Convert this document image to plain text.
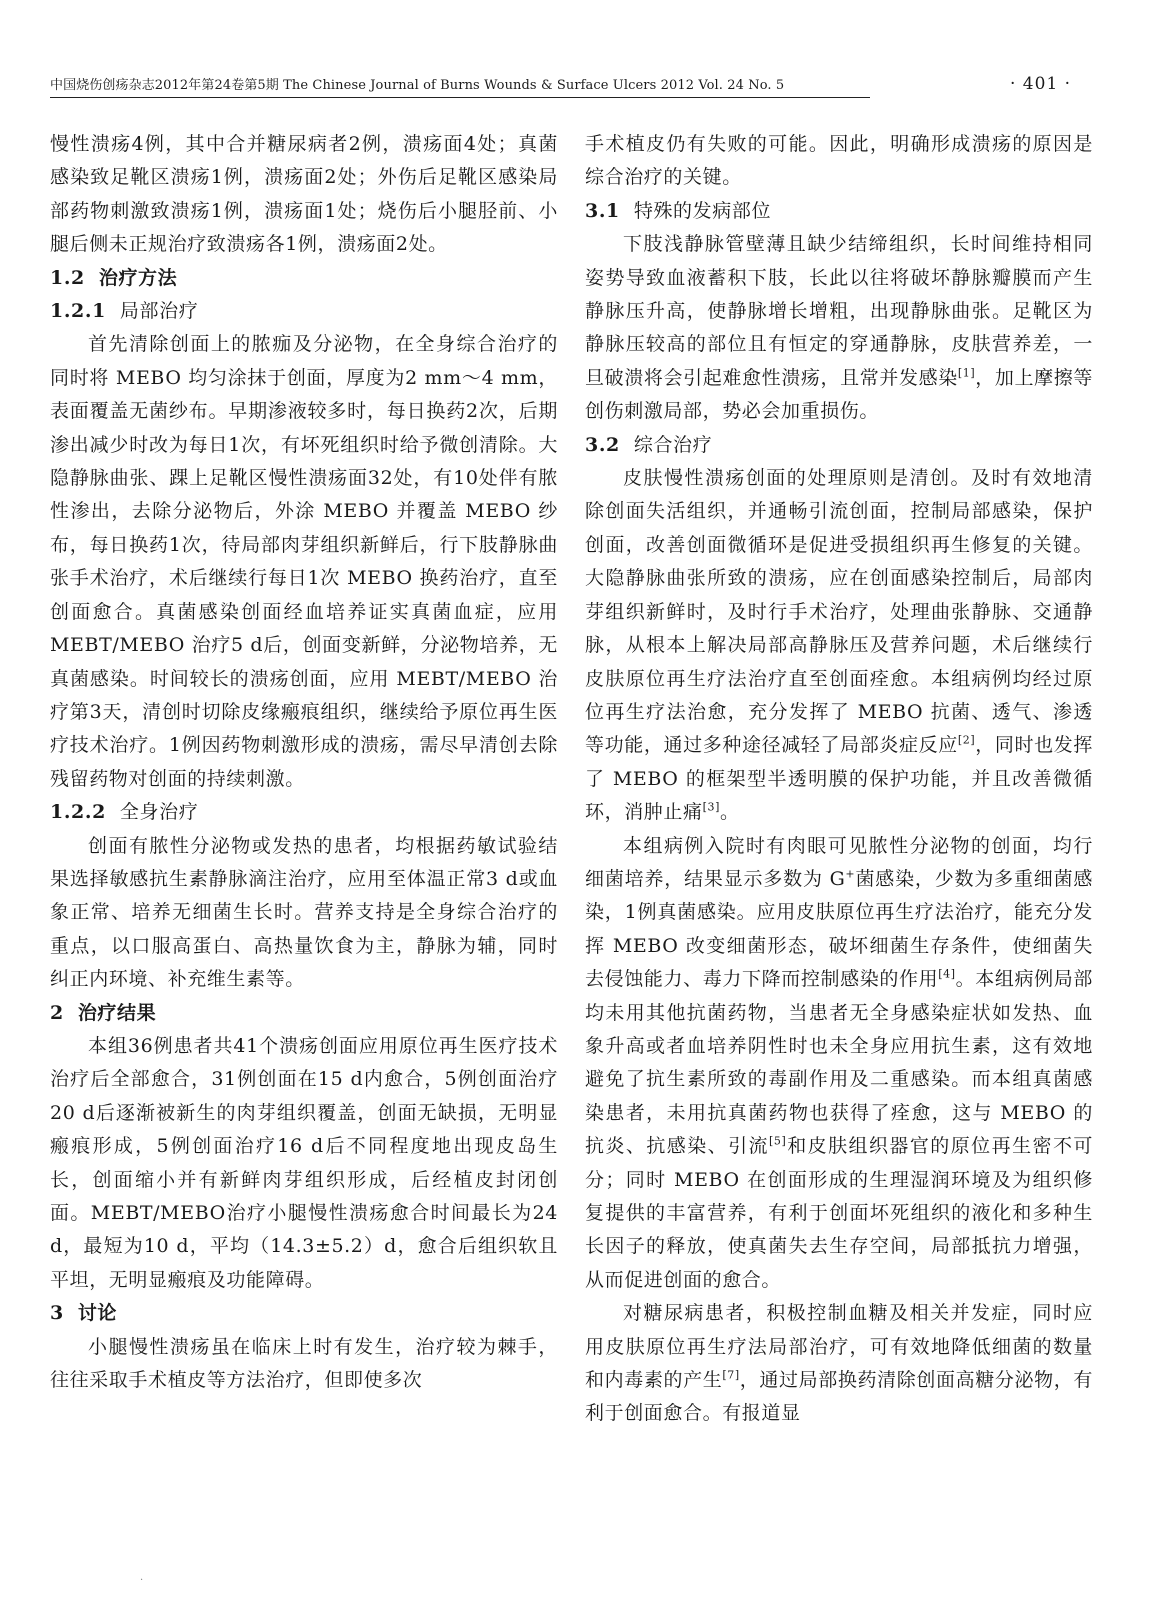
中国烧伤创疡杂志2012年第24卷第5期 The Chinese Journal of Burns Wounds & Surface Ulcers 2012 Vol. 24 No. 5	· 401 ·

慢性溃疡4例，其中合并糖尿病者2例，溃疡面4处；真菌感染致足靴区溃疡1例，溃疡面2处；外伤后足靴区感染局部药物刺激致溃疡1例，溃疡面1处；烧伤后小腿胫前、小腿后侧未正规治疗致溃疡各1例，溃疡面2处。

1.2 治疗方法

1.2.1 局部治疗

首先清除创面上的脓痂及分泌物，在全身综合治疗的同时将 MEBO 均匀涂抹于创面，厚度为2 mm～4 mm，表面覆盖无菌纱布。早期渗液较多时，每日换药2次，后期渗出减少时改为每日1次，有坏死组织时给予微创清除。大隐静脉曲张、踝上足靴区慢性溃疡面32处，有10处伴有脓性渗出，去除分泌物后，外涂 MEBO 并覆盖 MEBO 纱布，每日换药1次，待局部肉芽组织新鲜后，行下肢静脉曲张手术治疗，术后继续行每日1次 MEBO 换药治疗，直至创面愈合。真菌感染创面经血培养证实真菌血症，应用 MEBT/MEBO 治疗5 d后，创面变新鲜，分泌物培养，无真菌感染。时间较长的溃疡创面，应用 MEBT/MEBO 治疗第3天，清创时切除皮缘瘢痕组织，继续给予原位再生医疗技术治疗。1例因药物刺激形成的溃疡，需尽早清创去除残留药物对创面的持续刺激。

1.2.2 全身治疗

创面有脓性分泌物或发热的患者，均根据药敏试验结果选择敏感抗生素静脉滴注治疗，应用至体温正常3 d或血象正常、培养无细菌生长时。营养支持是全身综合治疗的重点，以口服高蛋白、高热量饮食为主，静脉为辅，同时纠正内环境、补充维生素等。

2 治疗结果

本组36例患者共41个溃疡创面应用原位再生医疗技术治疗后全部愈合，31例创面在15 d内愈合，5例创面治疗20 d后逐渐被新生的肉芽组织覆盖，创面无缺损，无明显瘢痕形成，5例创面治疗16 d后不同程度地出现皮岛生长，创面缩小并有新鲜肉芽组织形成，后经植皮封闭创面。MEBT/MEBO治疗小腿慢性溃疡愈合时间最长为24 d，最短为10 d，平均（14.3±5.2）d，愈合后组织软且平坦，无明显瘢痕及功能障碍。

3 讨论

小腿慢性溃疡虽在临床上时有发生，治疗较为棘手，往往采取手术植皮等方法治疗，但即使多次

手术植皮仍有失败的可能。因此，明确形成溃疡的原因是综合治疗的关键。

3.1 特殊的发病部位

下肢浅静脉管壁薄且缺少结缔组织，长时间维持相同姿势导致血液蓄积下肢，长此以往将破坏静脉瓣膜而产生静脉压升高，使静脉增长增粗，出现静脉曲张。足靴区为静脉压较高的部位且有恒定的穿通静脉，皮肤营养差，一旦破溃将会引起难愈性溃疡，且常并发感染[1]，加上摩擦等创伤刺激局部，势必会加重损伤。

3.2 综合治疗

皮肤慢性溃疡创面的处理原则是清创。及时有效地清除创面失活组织，并通畅引流创面，控制局部感染，保护创面，改善创面微循环是促进受损组织再生修复的关键。大隐静脉曲张所致的溃疡，应在创面感染控制后，局部肉芽组织新鲜时，及时行手术治疗，处理曲张静脉、交通静脉，从根本上解决局部高静脉压及营养问题，术后继续行皮肤原位再生疗法治疗直至创面痊愈。本组病例均经过原位再生疗法治愈，充分发挥了 MEBO 抗菌、透气、渗透等功能，通过多种途径减轻了局部炎症反应[2]，同时也发挥了 MEBO 的框架型半透明膜的保护功能，并且改善微循环，消肿止痛[3]。

本组病例入院时有肉眼可见脓性分泌物的创面，均行细菌培养，结果显示多数为 G+菌感染，少数为多重细菌感染，1例真菌感染。应用皮肤原位再生疗法治疗，能充分发挥 MEBO 改变细菌形态，破坏细菌生存条件，使细菌失去侵蚀能力、毒力下降而控制感染的作用[4]。本组病例局部均未用其他抗菌药物，当患者无全身感染症状如发热、血象升高或者血培养阴性时也未全身应用抗生素，这有效地避免了抗生素所致的毒副作用及二重感染。而本组真菌感染患者，未用抗真菌药物也获得了痊愈，这与 MEBO 的抗炎、抗感染、引流[5]和皮肤组织器官的原位再生密不可分；同时 MEBO 在创面形成的生理湿润环境及为组织修复提供的丰富营养，有利于创面坏死组织的液化和多种生长因子的释放，使真菌失去生存空间，局部抵抗力增强，从而促进创面的愈合。

对糖尿病患者，积极控制血糖及相关并发症，同时应用皮肤原位再生疗法局部治疗，可有效地降低细菌的数量和内毒素的产生[7]，通过局部换药清除创面高糖分泌物，有利于创面愈合。有报道显

·
